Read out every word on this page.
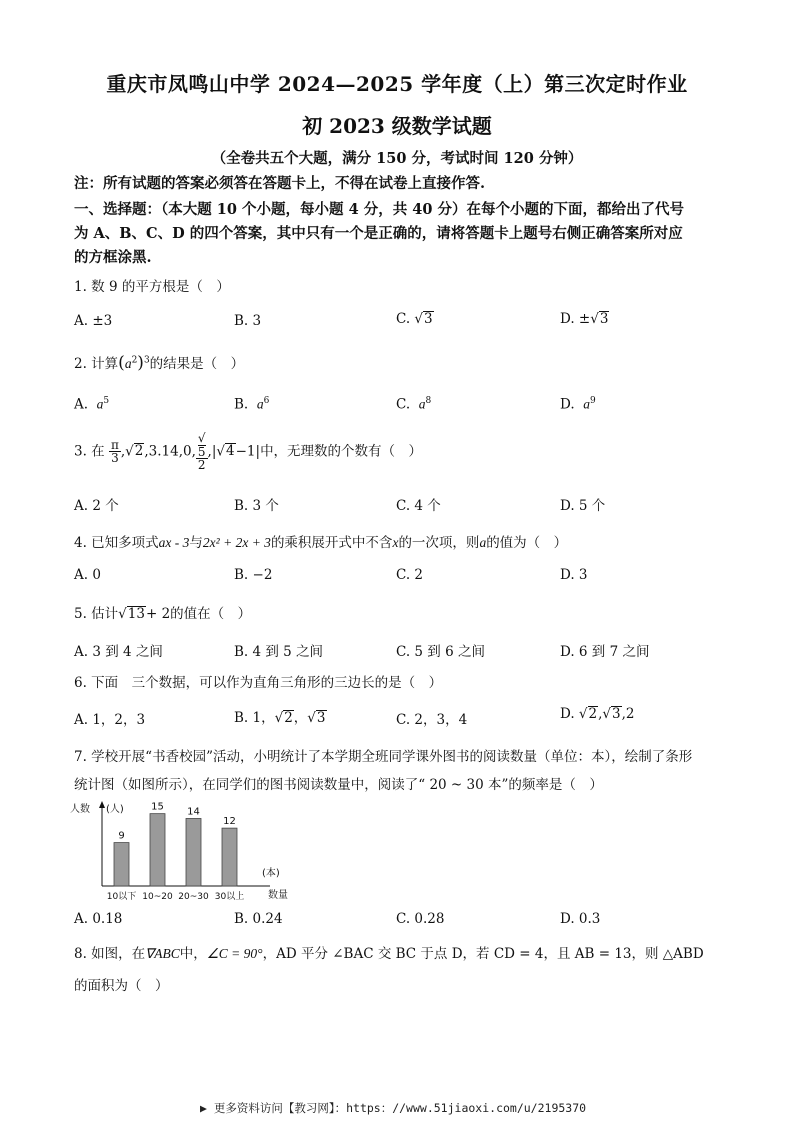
重庆市凤鸣山中学 2024—2025 学年度（上）第三次定时作业
初 2023 级数学试题
（全卷共五个大题，满分 150 分，考试时间 120 分钟）
注：所有试题的答案必须答在答题卡上，不得在试卷上直接作答.
一、选择题：（本大题 10 个小题，每小题 4 分，共 40 分）在每个小题的下面，都给出了代号
为 A、B、C、D 的四个答案，其中只有一个是正确的，请将答题卡上题号右侧正确答案所对应
的方框涂黑.
1. 数 9 的平方根是（　）
A. ±3	B. 3	C. √3	D. ±√3
2. 计算$(a^2)^3$的结果是（　）
A. $a^5$	B. $a^6$	C. $a^8$	D. $a^9$
3. 在 $\frac{\pi}{3} ,√2,3.14,0$, √
5
2 ,|√4−1|中，无理数的个数有（　）
A. 2 个	B. 3 个	C. 4 个	D. 5 个
4. 已知多项式ax - 3与2x² + 2x + 3的乘积展开式中不含x的一次项，则a的值为（　）
A. 0	B. −2	C. 2	D. 3
5. 估计√13+ 2的值在（　）
A. 3 到 4 之间	B. 4 到 5 之间	C. 5 到 6 之间	D. 6 到 7 之间
6. 下面　三个数据，可以作为直角三角形的三边长的是（　）
A. 1，2，3	B. 1，√2，√3	C. 2，3，4	D. √2,√3,2
7. 学校开展“书香校园”活动，小明统计了本学期全班同学课外图书的阅读数量（单位：本），绘制了条形
统计图（如图所示），在同学们的图书阅读数量中，阅读了“ 20 ~ 30 本”的频率是（　）
人数 (人)
(本)
数量
9
10以下
15
10~20
14
20~30
12
30以上
A. 0.18	B. 0.24	C. 0.28	D. 0.3
8. 如图，在∇ABC中，∠C = 90°，AD 平分 ∠BAC 交 BC 于点 D，若 CD = 4，且 AB = 13，则 △ABD
的面积为（　）
▶ 更多资料访问【教习网】：https：//www.51jiaoxi.com/u/2195370
